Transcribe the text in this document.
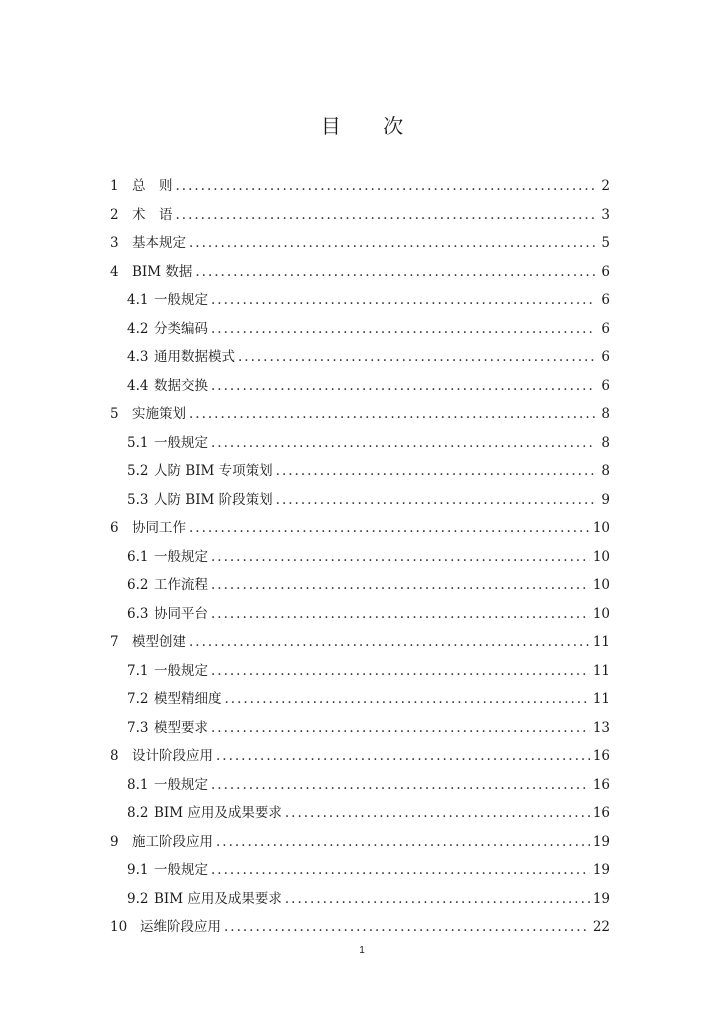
目 次
1 总　则 .....	2
2 术　语 .....	3
3 基本规定 .....	5
4 BIM 数据 .....	6
4.1 一般规定 .....	6
4.2 分类编码 .....	6
4.3 通用数据模式 .....	6
4.4 数据交换 .....	6
5 实施策划 .....	8
5.1 一般规定 .....	8
5.2 人防 BIM 专项策划 .....	8
5.3 人防 BIM 阶段策划 .....	9
6 协同工作 .....	10
6.1 一般规定 .....	10
6.2 工作流程 .....	10
6.3 协同平台 .....	10
7 模型创建 .....	11
7.1 一般规定 .....	11
7.2 模型精细度 .....	11
7.3 模型要求 .....	13
8 设计阶段应用 .....	16
8.1 一般规定 .....	16
8.2 BIM 应用及成果要求 .....	16
9 施工阶段应用 .....	19
9.1 一般规定 .....	19
9.2 BIM 应用及成果要求 .....	19
10 运维阶段应用 .....	22
1
